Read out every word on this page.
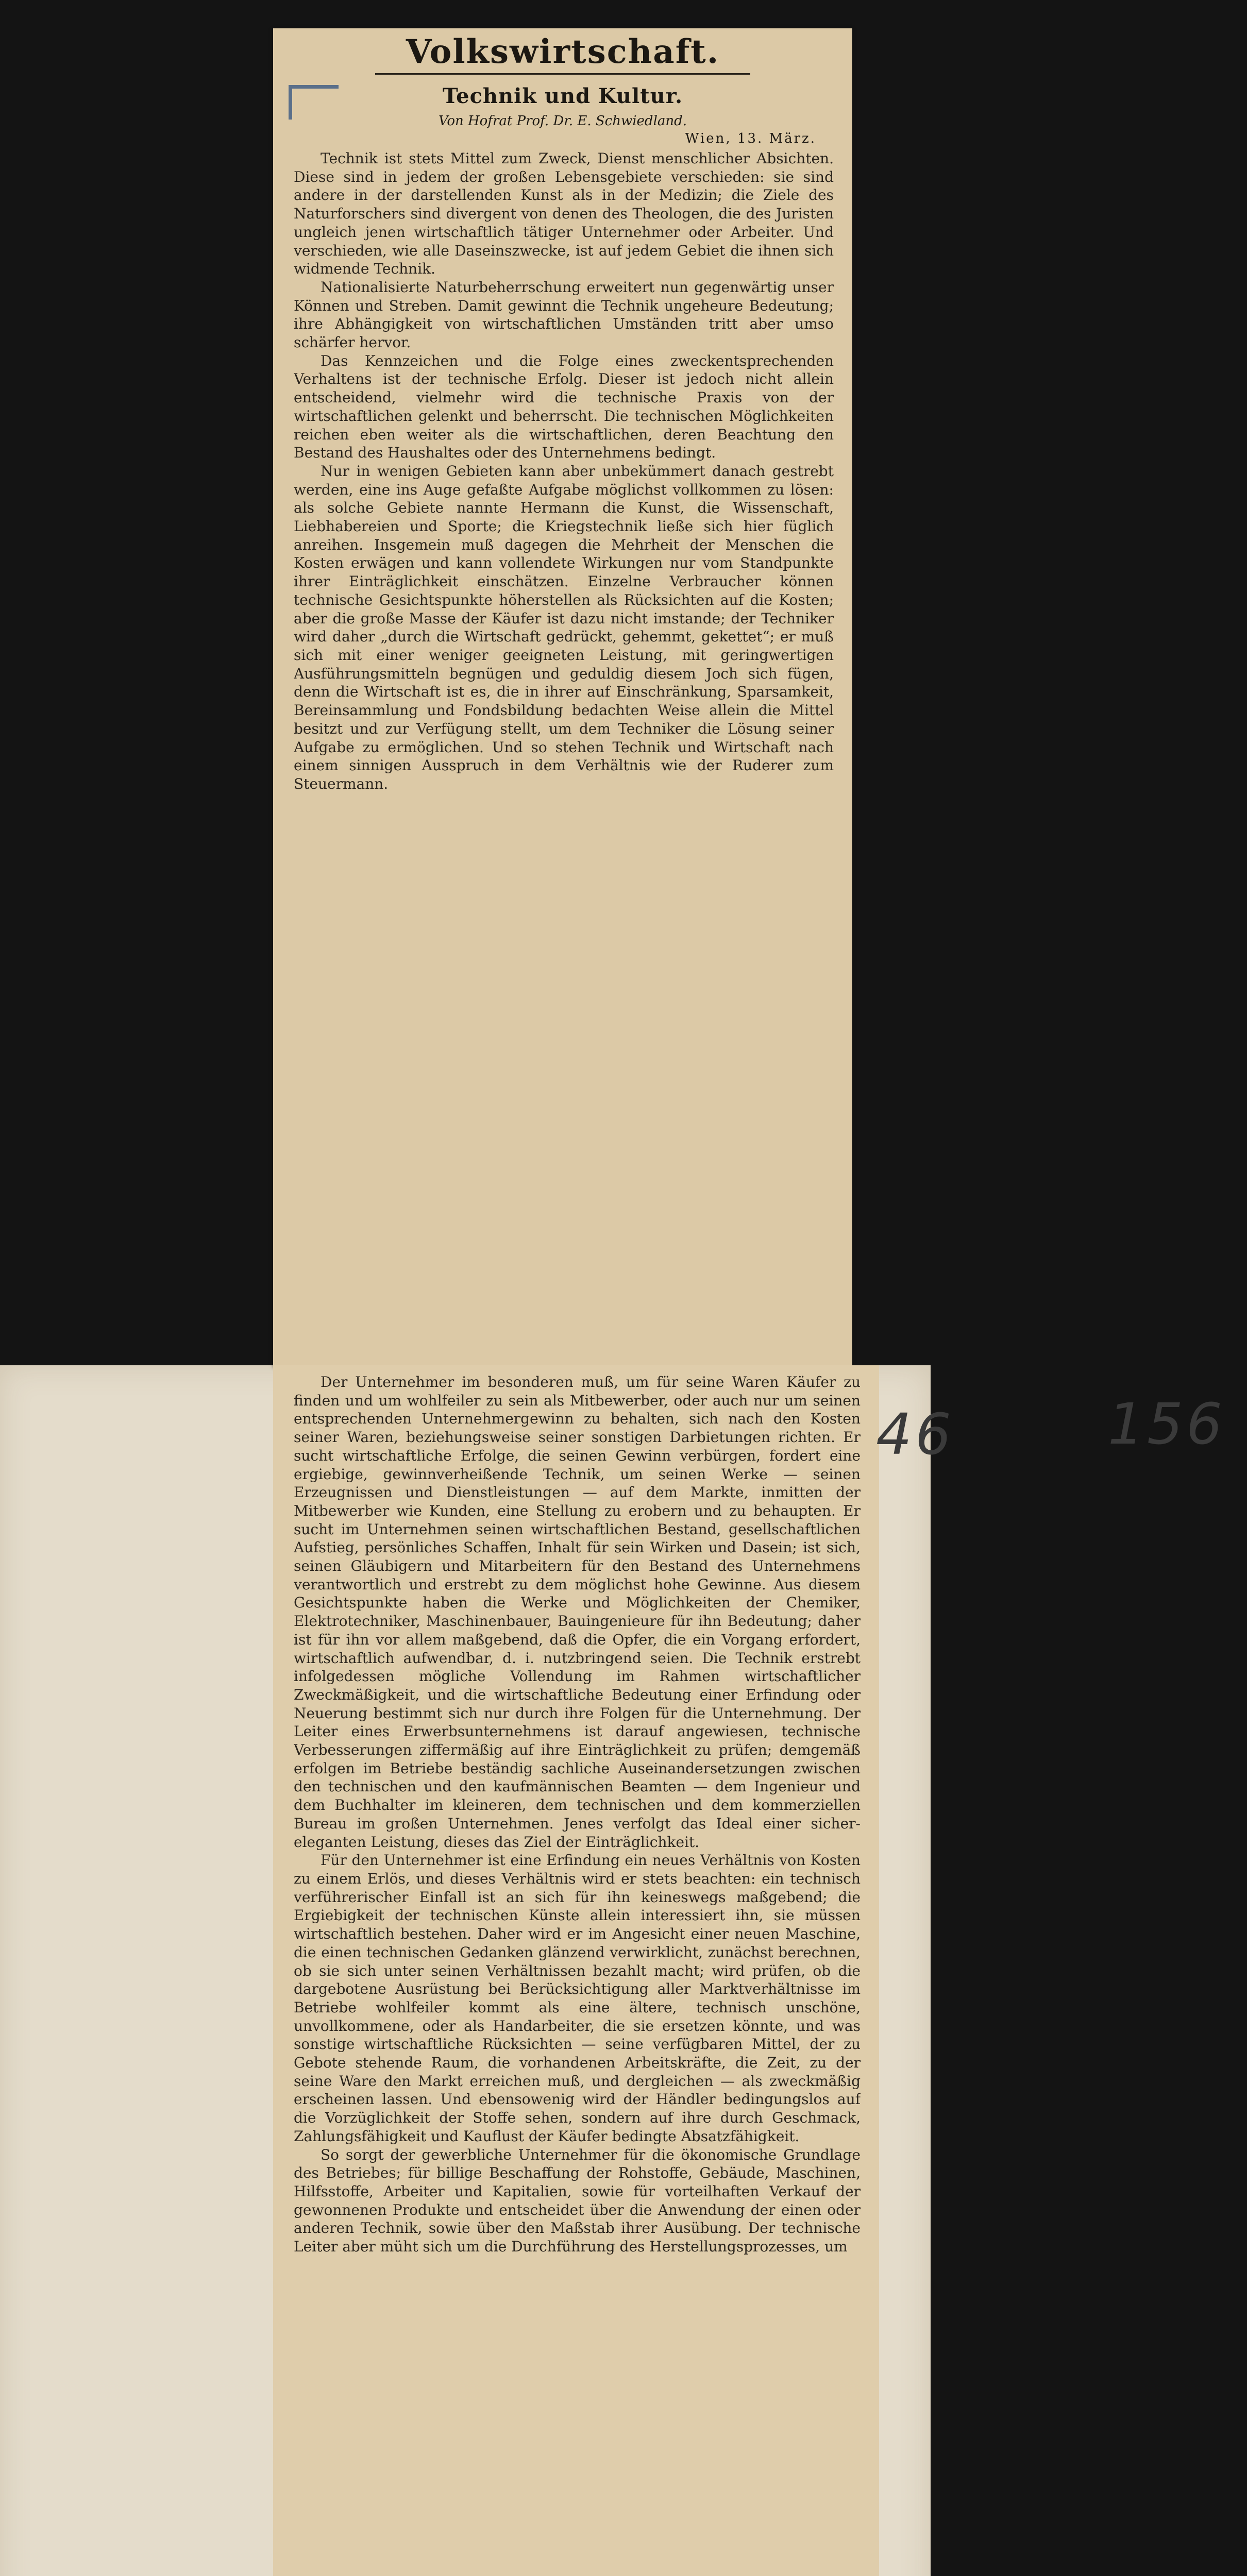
Volkswirtschaft.
Technik und Kultur.
Von Hofrat Prof. Dr. E. Schwiedland.
Wien, 13. März.

Technik ist stets Mittel zum Zweck, Dienst menschlicher Absichten. Diese sind in jedem der großen Lebensgebiete verschieden: sie sind andere in der darstellenden Kunst als in der Medizin; die Ziele des Naturforschers sind divergent von denen des Theologen, die des Juristen ungleich jenen wirtschaftlich tätiger Unternehmer oder Arbeiter. Und verschieden, wie alle Daseinszwecke, ist auf jedem Gebiet die ihnen sich widmende Technik.

Nationalisierte Naturbeherrschung erweitert nun gegenwärtig unser Können und Streben. Damit gewinnt die Technik ungeheure Bedeutung; ihre Abhängigkeit von wirtschaftlichen Umständen tritt aber umso schärfer hervor.

Das Kennzeichen und die Folge eines zweckentsprechenden Verhaltens ist der technische Erfolg. Dieser ist jedoch nicht allein entscheidend, vielmehr wird die technische Praxis von der wirtschaftlichen gelenkt und beherrscht. Die technischen Möglichkeiten reichen eben weiter als die wirtschaftlichen, deren Beachtung den Bestand des Haushaltes oder des Unternehmens bedingt.

Nur in wenigen Gebieten kann aber unbekümmert danach gestrebt werden, eine ins Auge gefaßte Aufgabe möglichst vollkommen zu lösen: als solche Gebiete nannte Hermann die Kunst, die Wissenschaft, Liebhabereien und Sporte; die Kriegstechnik ließe sich hier füglich anreihen. Insgemein muß dagegen die Mehrheit der Menschen die Kosten erwägen und kann vollendete Wirkungen nur vom Standpunkte ihrer Einträglichkeit einschätzen. Einzelne Verbraucher können technische Gesichtspunkte höherstellen als Rücksichten auf die Kosten; aber die große Masse der Käufer ist dazu nicht imstande; der Techniker wird daher „durch die Wirtschaft gedrückt, gehemmt, gekettet“; er muß sich mit einer weniger geeigneten Leistung, mit geringwertigen Ausführungsmitteln begnügen und geduldig diesem Joch sich fügen, denn die Wirtschaft ist es, die in ihrer auf Einschränkung, Sparsamkeit, Bereinsammlung und Fondsbildung bedachten Weise allein die Mittel besitzt und zur Verfügung stellt, um dem Techniker die Lösung seiner Aufgabe zu ermöglichen. Und so stehen Technik und Wirtschaft nach einem sinnigen Ausspruch in dem Verhältnis wie der Ruderer zum Steuermann.

Der Unternehmer im besonderen muß, um für seine Waren Käufer zu finden und um wohlfeiler zu sein als Mitbewerber, oder auch nur um seinen entsprechenden Unternehmergewinn zu behalten, sich nach den Kosten seiner Waren, beziehungsweise seiner sonstigen Darbietungen richten. Er sucht wirtschaftliche Erfolge, die seinen Gewinn verbürgen, fordert eine ergiebige, gewinnverheißende Technik, um seinen Werke — seinen Erzeugnissen und Dienstleistungen — auf dem Markte, inmitten der Mitbewerber wie Kunden, eine Stellung zu erobern und zu behaupten. Er sucht im Unternehmen seinen wirtschaftlichen Bestand, gesellschaftlichen Aufstieg, persönliches Schaffen, Inhalt für sein Wirken und Dasein; ist sich, seinen Gläubigern und Mitarbeitern für den Bestand des Unternehmens verantwortlich und erstrebt zu dem möglichst hohe Gewinne. Aus diesem Gesichtspunkte haben die Werke und Möglichkeiten der Chemiker, Elektrotechniker, Maschinenbauer, Bauingenieure für ihn Bedeutung; daher ist für ihn vor allem maßgebend, daß die Opfer, die ein Vorgang erfordert, wirtschaftlich aufwendbar, d. i. nutzbringend seien. Die Technik erstrebt infolgedessen mögliche Vollendung im Rahmen wirtschaftlicher Zweckmäßigkeit, und die wirtschaftliche Bedeutung einer Erfindung oder Neuerung bestimmt sich nur durch ihre Folgen für die Unternehmung. Der Leiter eines Erwerbsunternehmens ist darauf angewiesen, technische Verbesserungen ziffermäßig auf ihre Einträglichkeit zu prüfen; demgemäß erfolgen im Betriebe beständig sachliche Auseinandersetzungen zwischen den technischen und den kaufmännischen Beamten — dem Ingenieur und dem Buchhalter im kleineren, dem technischen und dem kommerziellen Bureau im großen Unternehmen. Jenes verfolgt das Ideal einer sicher-eleganten Leistung, dieses das Ziel der Einträglichkeit.

Für den Unternehmer ist eine Erfindung ein neues Verhältnis von Kosten zu einem Erlös, und dieses Verhältnis wird er stets beachten: ein technisch verführerischer Einfall ist an sich für ihn keineswegs maßgebend; die Ergiebigkeit der technischen Künste allein interessiert ihn, sie müssen wirtschaftlich bestehen. Daher wird er im Angesicht einer neuen Maschine, die einen technischen Gedanken glänzend verwirklicht, zunächst berechnen, ob sie sich unter seinen Verhältnissen bezahlt macht; wird prüfen, ob die dargebotene Ausrüstung bei Berücksichtigung aller Marktverhältnisse im Betriebe wohlfeiler kommt als eine ältere, technisch unschöne, unvollkommene, oder als Handarbeiter, die sie ersetzen könnte, und was sonstige wirtschaftliche Rücksichten — seine verfügbaren Mittel, der zu Gebote stehende Raum, die vorhandenen Arbeitskräfte, die Zeit, zu der seine Ware den Markt erreichen muß, und dergleichen — als zweckmäßig erscheinen lassen. Und ebensowenig wird der Händler bedingungslos auf die Vorzüglichkeit der Stoffe sehen, sondern auf ihre durch Geschmack, Zahlungsfähigkeit und Kauflust der Käufer bedingte Absatzfähigkeit.

So sorgt der gewerbliche Unternehmer für die ökonomische Grundlage des Betriebes; für billige Beschaffung der Rohstoffe, Gebäude, Maschinen, Hilfsstoffe, Arbeiter und Kapitalien, sowie für vorteilhaften Verkauf der gewonnenen Produkte und entscheidet über die Anwendung der einen oder anderen Technik, sowie über den Maßstab ihrer Ausübung. Der technische Leiter aber müht sich um die Durchführung des Herstellungsprozesses, um

46	156
